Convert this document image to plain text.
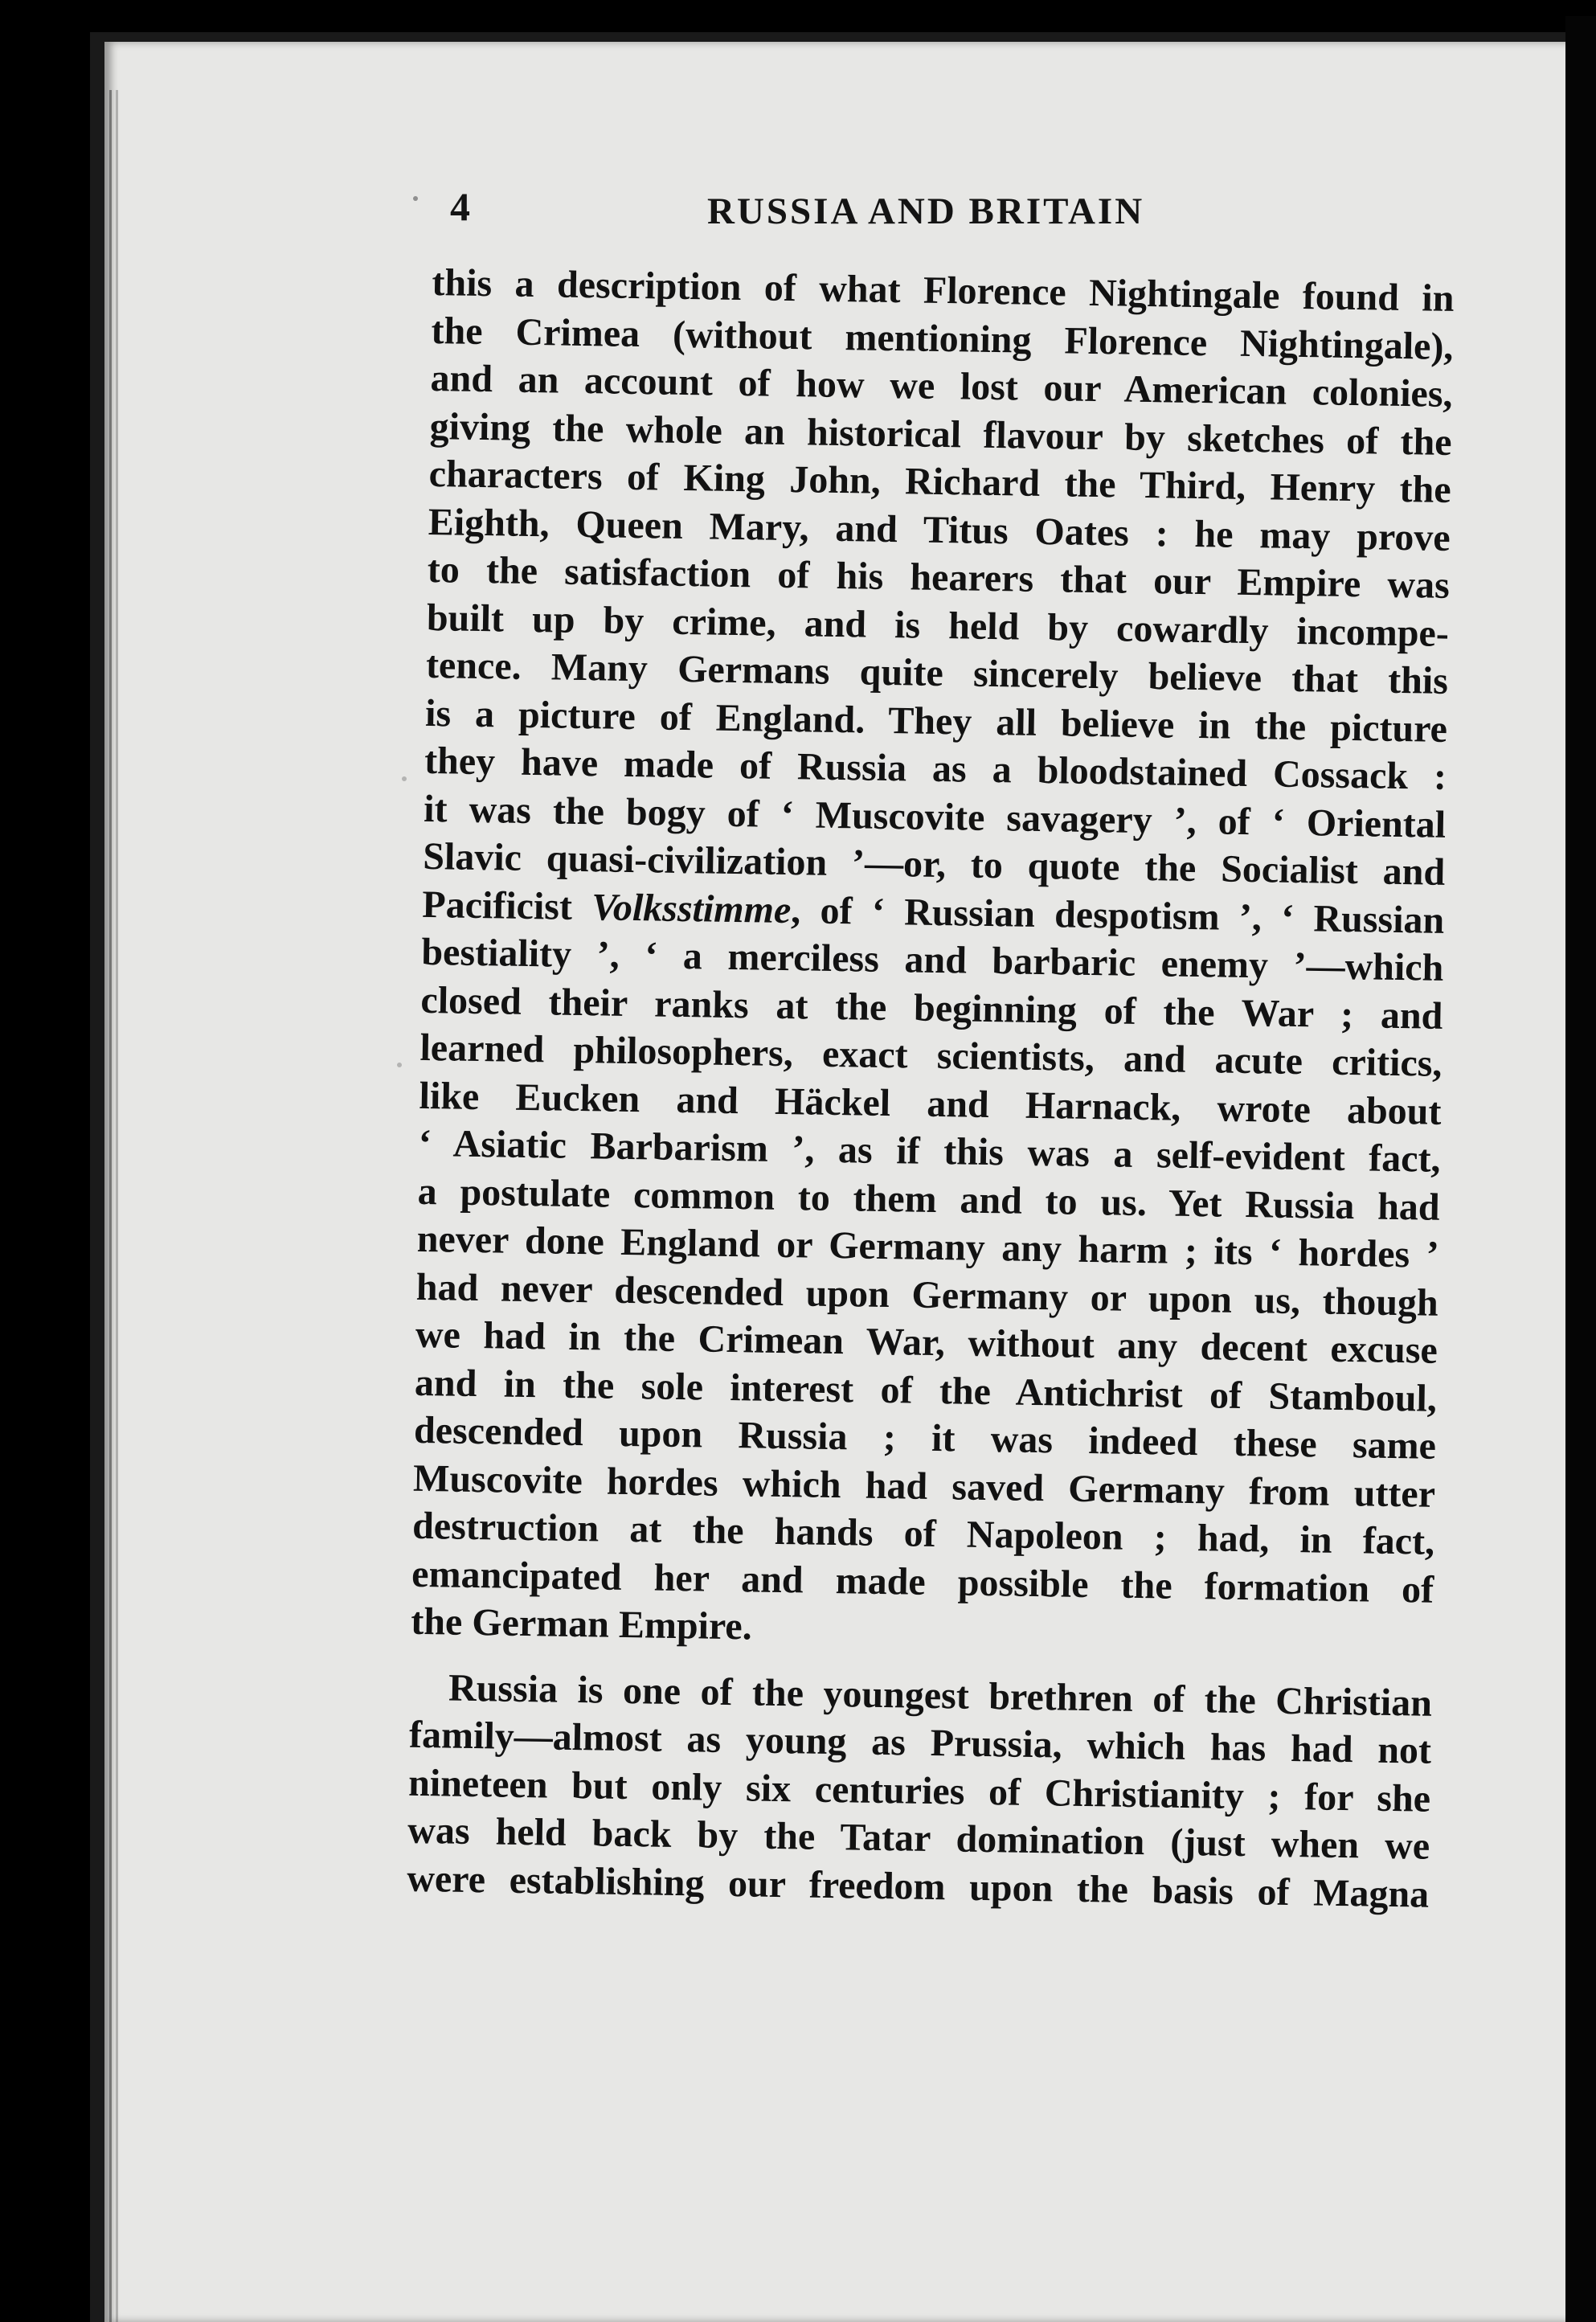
4	RUSSIA AND BRITAIN
this a description of what Florence Nightingale found in
the Crimea (without mentioning Florence Nightingale),
and an account of how we lost our American colonies,
giving the whole an historical flavour by sketches of the
characters of King John, Richard the Third, Henry the
Eighth, Queen Mary, and Titus Oates : he may prove
to the satisfaction of his hearers that our Empire was
built up by crime, and is held by cowardly incompe-
tence. Many Germans quite sincerely believe that this
is a picture of England. They all believe in the picture
they have made of Russia as a bloodstained Cossack :
it was the bogy of ‘ Muscovite savagery ’, of ‘ Oriental
Slavic quasi-civilization ’—or, to quote the Socialist and
Pacificist Volksstimme, of ‘ Russian despotism ’, ‘ Russian
bestiality ’, ‘ a merciless and barbaric enemy ’—which
closed their ranks at the beginning of the War ; and
learned philosophers, exact scientists, and acute critics,
like Eucken and Häckel and Harnack, wrote about
‘ Asiatic Barbarism ’, as if this was a self-evident fact,
a postulate common to them and to us. Yet Russia had
never done England or Germany any harm ; its ‘ hordes ’
had never descended upon Germany or upon us, though
we had in the Crimean War, without any decent excuse
and in the sole interest of the Antichrist of Stamboul,
descended upon Russia ; it was indeed these same
Muscovite hordes which had saved Germany from utter
destruction at the hands of Napoleon ; had, in fact,
emancipated her and made possible the formation of
the German Empire.
Russia is one of the youngest brethren of the Christian
family—almost as young as Prussia, which has had not
nineteen but only six centuries of Christianity ; for she
was held back by the Tatar domination (just when we
were establishing our freedom upon the basis of Magna
